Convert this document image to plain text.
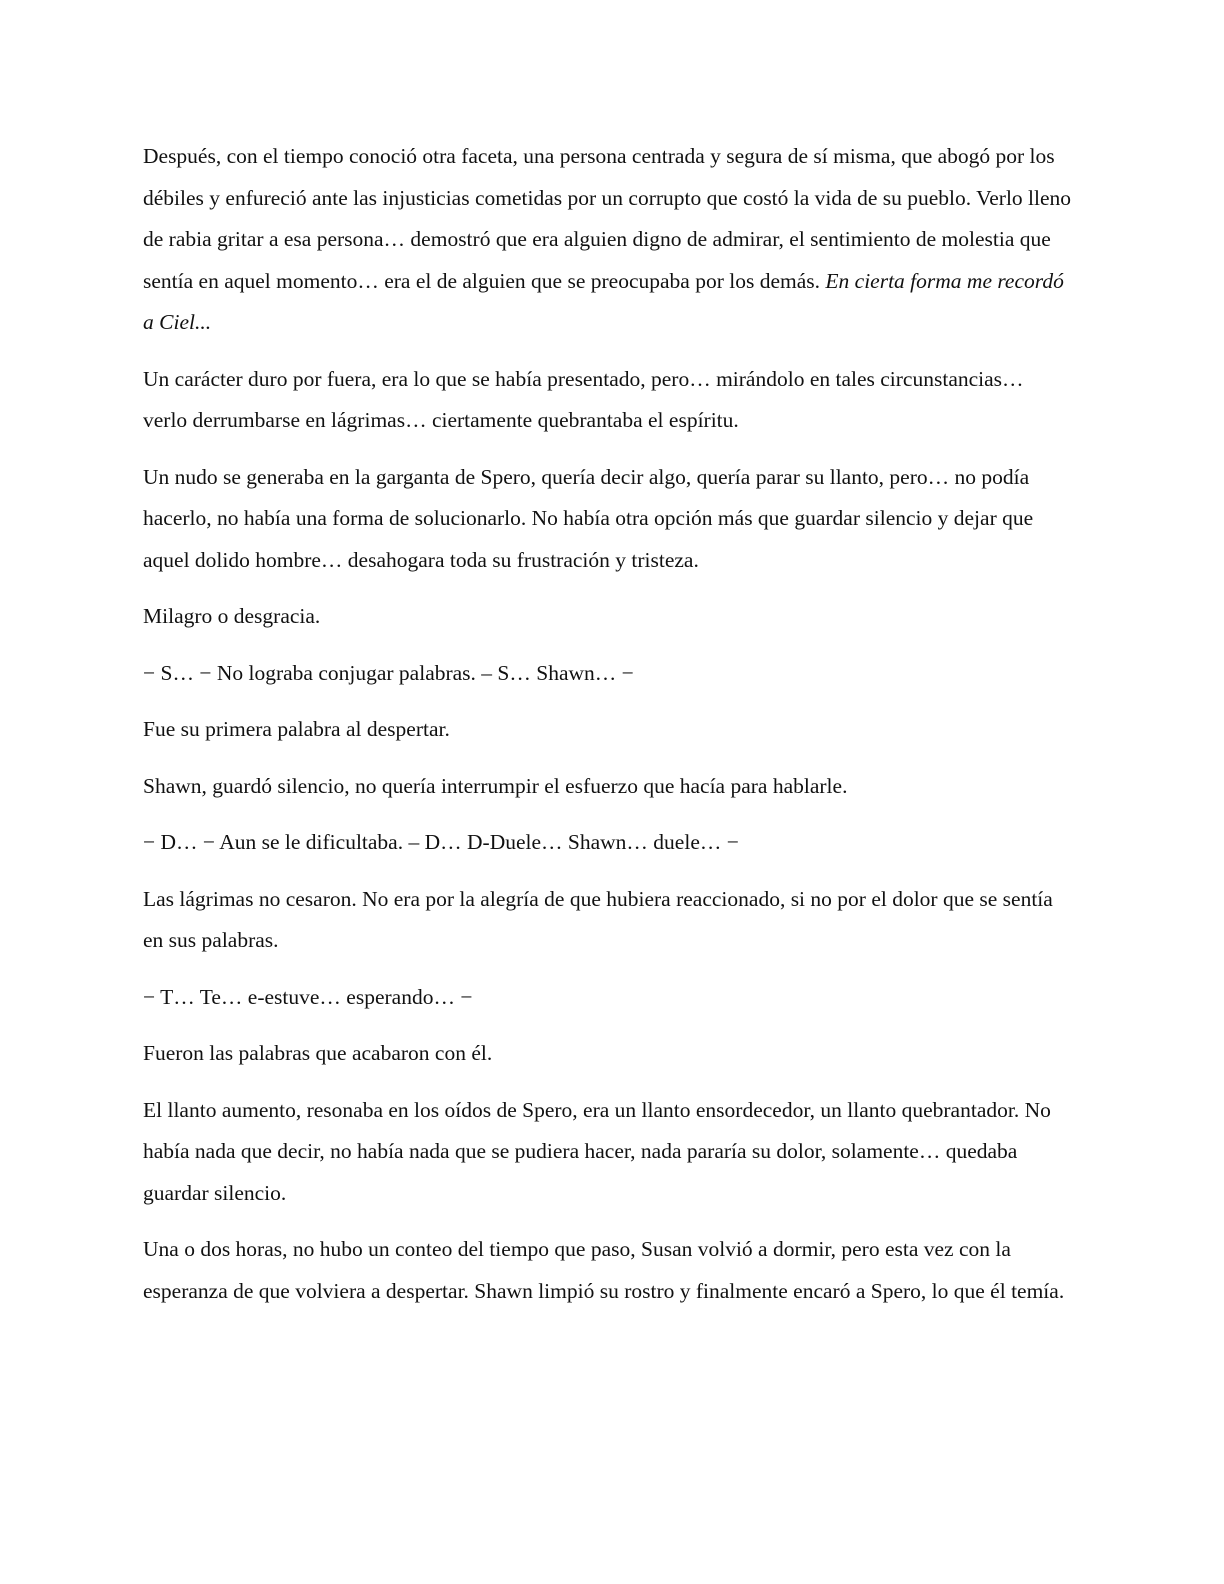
Después, con el tiempo conoció otra faceta, una persona centrada y segura de sí misma, que abogó por los débiles y enfureció ante las injusticias cometidas por un corrupto que costó la vida de su pueblo. Verlo lleno de rabia gritar a esa persona… demostró que era alguien digno de admirar, el sentimiento de molestia que sentía en aquel momento… era el de alguien que se preocupaba por los demás. En cierta forma me recordó a Ciel...

Un carácter duro por fuera, era lo que se había presentado, pero… mirándolo en tales circunstancias… verlo derrumbarse en lágrimas… ciertamente quebrantaba el espíritu.

Un nudo se generaba en la garganta de Spero, quería decir algo, quería parar su llanto, pero… no podía hacerlo, no había una forma de solucionarlo. No había otra opción más que guardar silencio y dejar que aquel dolido hombre… desahogara toda su frustración y tristeza.

Milagro o desgracia.

− S… − No lograba conjugar palabras. – S… Shawn… −

Fue su primera palabra al despertar.

Shawn, guardó silencio, no quería interrumpir el esfuerzo que hacía para hablarle.

− D… − Aun se le dificultaba. – D… D-Duele… Shawn… duele… −

Las lágrimas no cesaron. No era por la alegría de que hubiera reaccionado, si no por el dolor que se sentía en sus palabras.

− T… Te… e-estuve… esperando… −

Fueron las palabras que acabaron con él.

El llanto aumento, resonaba en los oídos de Spero, era un llanto ensordecedor, un llanto quebrantador. No había nada que decir, no había nada que se pudiera hacer, nada pararía su dolor, solamente… quedaba guardar silencio.

Una o dos horas, no hubo un conteo del tiempo que paso, Susan volvió a dormir, pero esta vez con la esperanza de que volviera a despertar. Shawn limpió su rostro y finalmente encaró a Spero, lo que él temía.
